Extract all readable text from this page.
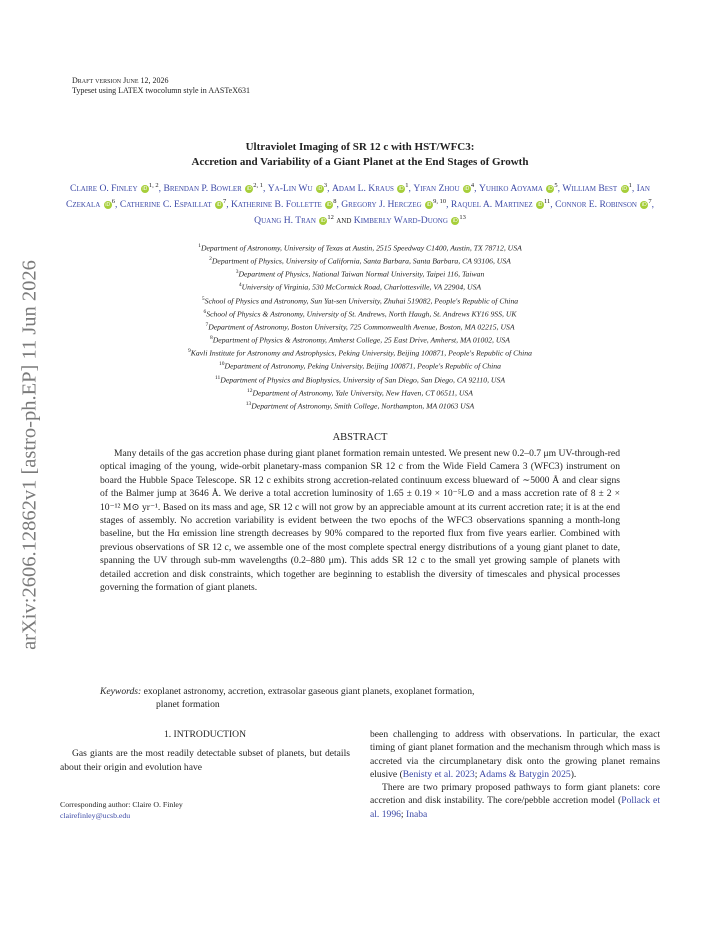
arXiv:2606.12862v1 [astro-ph.EP] 11 Jun 2026
Draft version June 12, 2026
Typeset using LATEX twocolumn style in AASTeX631
Ultraviolet Imaging of SR 12 c with HST/WFC3:
Accretion and Variability of a Giant Planet at the End Stages of Growth
Claire O. Finley iD$^{1, 2}$, Brendan P. Bowler iD$^{2, 1}$, Ya-Lin Wu $iD^3$, Adam L. Kraus $iD^1$, Yifan Zhou $iD^4$, Yuhiko Aoyama $iD^5$, William Best $iD^1$, Ian Czekala $iD^6$, Catherine C. Espaillat $iD^7$, Katherine B. Follette $iD^8$, Gregory J. Herczeg iD$^{9, 10}$, Raquel A. Martinez $iD^{11}$, Connor E. Robinson $iD^7$, Quang H. Tran $iD^{12}$ and Kimberly Ward-Duong $iD^{13}$
$^1$Department of Astronomy, University of Texas at Austin, 2515 Speedway C1400, Austin, TX 78712, USA
$^2$Department of Physics, University of California, Santa Barbara, Santa Barbara, CA 93106, USA
$^3$Department of Physics, National Taiwan Normal University, Taipei 116, Taiwan
$^4$University of Virginia, 530 McCormick Road, Charlottesville, VA 22904, USA
$^5$School of Physics and Astronomy, Sun Yat-sen University, Zhuhai 519082, People's Republic of China
$^6$School of Physics & Astronomy, University of St. Andrews, North Haugh, St. Andrews KY16 9SS, UK
$^7$Department of Astronomy, Boston University, 725 Commonwealth Avenue, Boston, MA 02215, USA
$^8$Department of Physics & Astronomy, Amherst College, 25 East Drive, Amherst, MA 01002, USA
$^9$Kavli Institute for Astronomy and Astrophysics, Peking University, Beijing 100871, People's Republic of China
$^{10}$Department of Astronomy, Peking University, Beijing 100871, People's Republic of China
$^{11}$Department of Physics and Biophysics, University of San Diego, San Diego, CA 92110, USA
$^{12}$Department of Astronomy, Yale University, New Haven, CT 06511, USA
$^{13}$Department of Astronomy, Smith College, Northampton, MA 01063 USA
ABSTRACT
Many details of the gas accretion phase during giant planet formation remain untested. We present new 0.2–0.7 μm UV-through-red optical imaging of the young, wide-orbit planetary-mass companion SR 12 c from the Wide Field Camera 3 (WFC3) instrument on board the Hubble Space Telescope. SR 12 c exhibits strong accretion-related continuum excess blueward of ∼5000 Å and clear signs of the Balmer jump at 3646 Å. We derive a total accretion luminosity of 1.65 ± 0.19 × 10⁻⁵L⊙ and a mass accretion rate of 8 ± 2 × 10⁻¹² M⊙ yr⁻¹. Based on its mass and age, SR 12 c will not grow by an appreciable amount at its current accretion rate; it is at the end stages of assembly. No accretion variability is evident between the two epochs of the WFC3 observations spanning a month-long baseline, but the Hα emission line strength decreases by 90% compared to the reported flux from five years earlier. Combined with previous observations of SR 12 c, we assemble one of the most complete spectral energy distributions of a young giant planet to date, spanning the UV through sub-mm wavelengths (0.2–880 μm). This adds SR 12 c to the small yet growing sample of planets with detailed accretion and disk constraints, which together are beginning to establish the diversity of timescales and physical processes governing the formation of giant planets.
Keywords: exoplanet astronomy, accretion, extrasolar gaseous giant planets, exoplanet formation,
planet formation
1. INTRODUCTION

Gas giants are the most readily detectable subset of planets, but details about their origin and evolution have

Corresponding author: Claire O. Finley
clairefinley@ucsb.edu

been challenging to address with observations. In particular, the exact timing of giant planet formation and the mechanism through which mass is accreted via the circumplanetary disk onto the growing planet remains elusive (Benisty et al. 2023; Adams & Batygin 2025).

There are two primary proposed pathways to form giant planets: core accretion and disk instability. The core/pebble accretion model (Pollack et al. 1996; Inaba
